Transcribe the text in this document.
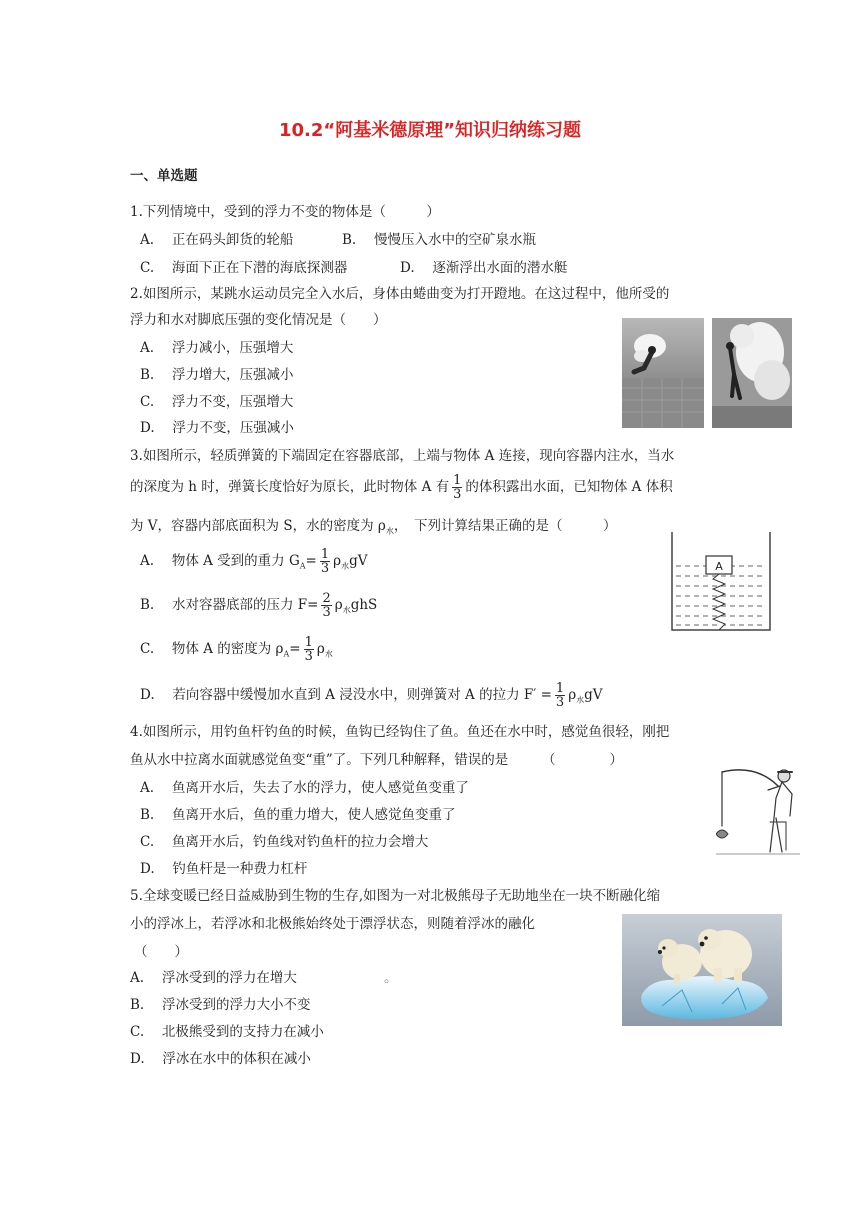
10.2“阿基米德原理”知识归纳练习题
一、单选题
1.下列情境中，受到的浮力不变的物体是（　　　）
A.　 正在码头卸货的轮船	B.　 慢慢压入水中的空矿泉水瓶
C.　 海面下正在下潜的海底探测器	D.　 逐渐浮出水面的潜水艇
2.如图所示，某跳水运动员完全入水后，身体由蜷曲变为打开蹬地。在这过程中，他所受的
浮力和水对脚底压强的变化情况是（　　）
A.　 浮力减小，压强增大
B.　 浮力增大，压强减小
C.　 浮力不变，压强增大
D.　 浮力不变，压强减小
3.如图所示，轻质弹簧的下端固定在容器底部，上端与物体 A 连接，现向容器内注水，当水
的深度为 h 时，弹簧长度恰好为原长，此时物体 A 有 $\frac{1}{3}$ 的体积露出水面，已知物体 A 体积
为 V，容器内部底面积为 S，水的密度为 $\rho_水$，　下列计算结果正确的是（　　　）
A.　 物体 A 受到的重力 $G_A= \frac{1}{3} \rho_水gV$
B.　 水对容器底部的压力 $F= \frac{2}{3} \rho_水ghS$
C.　 物体 A 的密度为 $\rho_A= \frac{1}{3} \rho_水$
D.　 若向容器中缓慢加水直到 A 浸没水中，则弹簧对 A 的拉力 $F' = \frac{1}{3} \rho_水gV$
A
4.如图所示，用钓鱼杆钓鱼的时候，鱼钩已经钩住了鱼。鱼还在水中时，感觉鱼很轻，刚把
鱼从水中拉离水面就感觉鱼变“重”了。下列几种解释，错误的是　　　（　　　　）
A.　 鱼离开水后，失去了水的浮力，使人感觉鱼变重了
B.　 鱼离开水后，鱼的重力增大，使人感觉鱼变重了
C.　 鱼离开水后，钓鱼线对钓鱼杆的拉力会增大
D.　 钓鱼杆是一种费力杠杆
5.全球变暖已经日益威胁到生物的生存,如图为一对北极熊母子无助地坐在一块不断融化缩
小的浮冰上，若浮冰和北极熊始终处于漂浮状态，则随着浮冰的融化
（　　）
A.　 浮冰受到的浮力在增大	。
B.　 浮冰受到的浮力大小不变
C.　 北极熊受到的支持力在减小
D.　 浮冰在水中的体积在减小
